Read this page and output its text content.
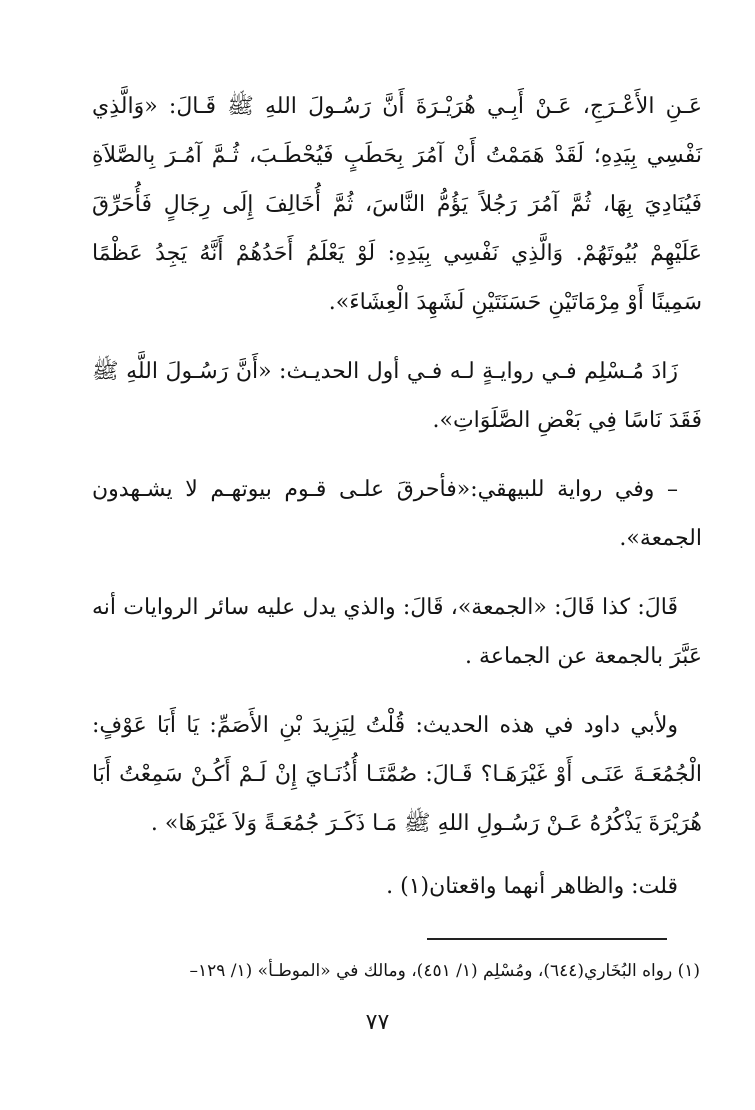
عَـنِ الأَعْـرَجِ، عَـنْ أَبِـي هُرَيْـرَةَ أَنَّ رَسُـولَ اللهِ ﷺ قَـالَ: «وَالَّذِي نَفْسِي بِيَدِهِ؛ لَقَدْ هَمَمْتُ أَنْ آمُرَ بِحَطَبٍ فَيُحْطَـبَ، ثُـمَّ آمُـرَ بِالصَّلاَةِ فَيُنَادِيَ بِهَا، ثُمَّ آمُرَ رَجُلاً يَؤُمُّ النَّاسَ، ثُمَّ أُخَالِفَ إِلَى رِجَالٍ فَأُحَرِّقَ عَلَيْهِمْ بُيُوتَهُمْ. وَالَّذِي نَفْسِي بِيَدِهِ: لَوْ يَعْلَمُ أَحَدُهُمْ أَنَّهُ يَجِدُ عَظْمًا سَمِينًا أَوْ مِرْمَاتَيْنِ حَسَنَتَيْنِ لَشَهِدَ الْعِشَاءَ».

زَادَ مُـسْلِم فـي روايـةٍ لـه فـي أول الحديـث: «أَنَّ رَسُـولَ اللَّهِ ﷺ فَقَدَ نَاسًا فِي بَعْضِ الصَّلَوَاتِ».

– وفي رواية للبيهقي:«فأحرقَ علـى قـوم بيوتهـم لا يشـهدون الجمعة».

قَالَ: كذا قَالَ: «الجمعة»، قَالَ: والذي يدل عليه سائر الروايات أنه عَبَّرَ بالجمعة عن الجماعة .

ولأبي داود في هذه الحديث: قُلْتُ لِيَزِيدَ بْنِ الأَصَمِّ: يَا أَبَا عَوْفٍ: الْجُمُعَـةَ عَنَـى أَوْ غَيْرَهَـا؟ قَـالَ: صُمَّتَـا أُذُنَـايَ إِنْ لَـمْ أَكُـنْ سَمِعْتُ أَبَا هُرَيْرَةَ يَذْكُرُهُ عَـنْ رَسُـولِ اللهِ ﷺ مَـا ذَكَـرَ جُمُعَـةً وَلاَ غَيْرَهَا» .

قلت: والظاهر أنهما واقعتان(١) .

(١) رواه البُخَاري(٦٤٤)، ومُسْلِم (١/ ٤٥١)، ومالك في «الموطـأ» (١/ ١٢٩–
٧٧
